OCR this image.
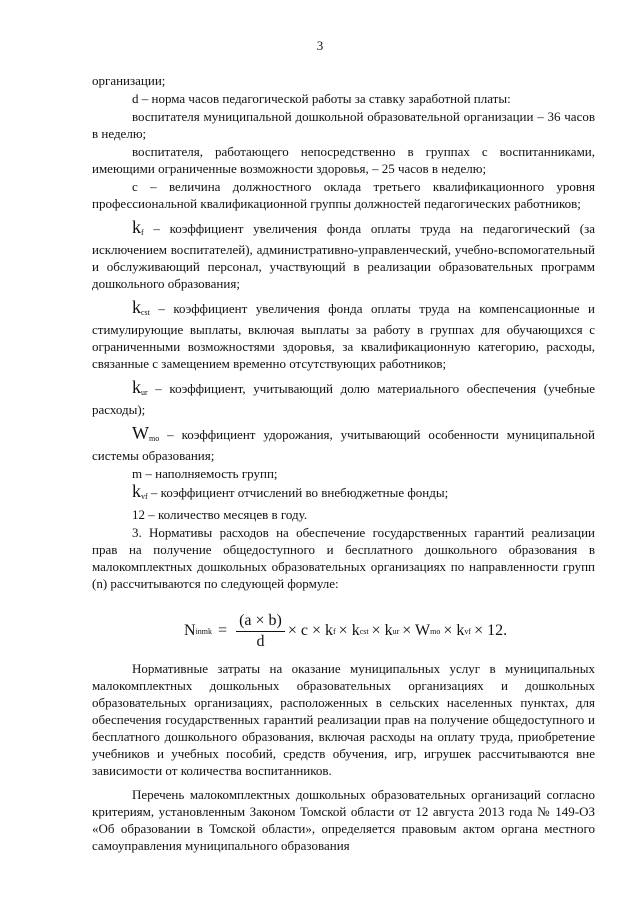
3

организации;

d – норма часов педагогической работы за ставку заработной платы:

воспитателя муниципальной дошкольной образовательной организации – 36 часов в неделю;

воспитателя, работающего непосредственно в группах с воспитанниками, имеющими ограниченные возможности здоровья, – 25 часов в неделю;

c – величина должностного оклада третьего квалификационного уровня профессиональной квалификационной группы должностей педагогических работников;

$k_f$ – коэффициент увеличения фонда оплаты труда на педагогический (за исключением воспитателей), административно-управленческий, учебно-вспомогательный и обслуживающий персонал, участвующий в реализации образовательных программ дошкольного образования;

$k_{cst}$ – коэффициент увеличения фонда оплаты труда на компенсационные и стимулирующие выплаты, включая выплаты за работу в группах для обучающихся с ограниченными возможностями здоровья, за квалификационную категорию, расходы, связанные с замещением временно отсутствующих работников;

$k_{ur}$ – коэффициент, учитывающий долю материального обеспечения (учебные расходы);

$W_{mo}$ – коэффициент удорожания, учитывающий особенности муниципальной системы образования;

m – наполняемость групп;

$k_{vf}$ – коэффициент отчислений во внебюджетные фонды;

12 – количество месяцев в году.

3. Нормативы расходов на обеспечение государственных гарантий реализации прав на получение общедоступного и бесплатного дошкольного образования в малокомплектных дошкольных образовательных организациях по направленности групп (n) рассчитываются по следующей формуле:

N in mk = $\frac{(a \times b)}{d} \times c \times k$ f × k cst × k ur × W mo × k vf × 12.

Нормативные затраты на оказание муниципальных услуг в муниципальных малокомплектных дошкольных образовательных организациях и дошкольных образовательных организациях, расположенных в сельских населенных пунктах, для обеспечения государственных гарантий реализации прав на получение общедоступного и бесплатного дошкольного образования, включая расходы на оплату труда, приобретение учебников и учебных пособий, средств обучения, игр, игрушек рассчитываются вне зависимости от количества воспитанников.

Перечень малокомплектных дошкольных образовательных организаций согласно критериям, установленным Законом Томской области от 12 августа 2013 года № 149-ОЗ «Об образовании в Томской области», определяется правовым актом органа местного самоуправления муниципального образования
